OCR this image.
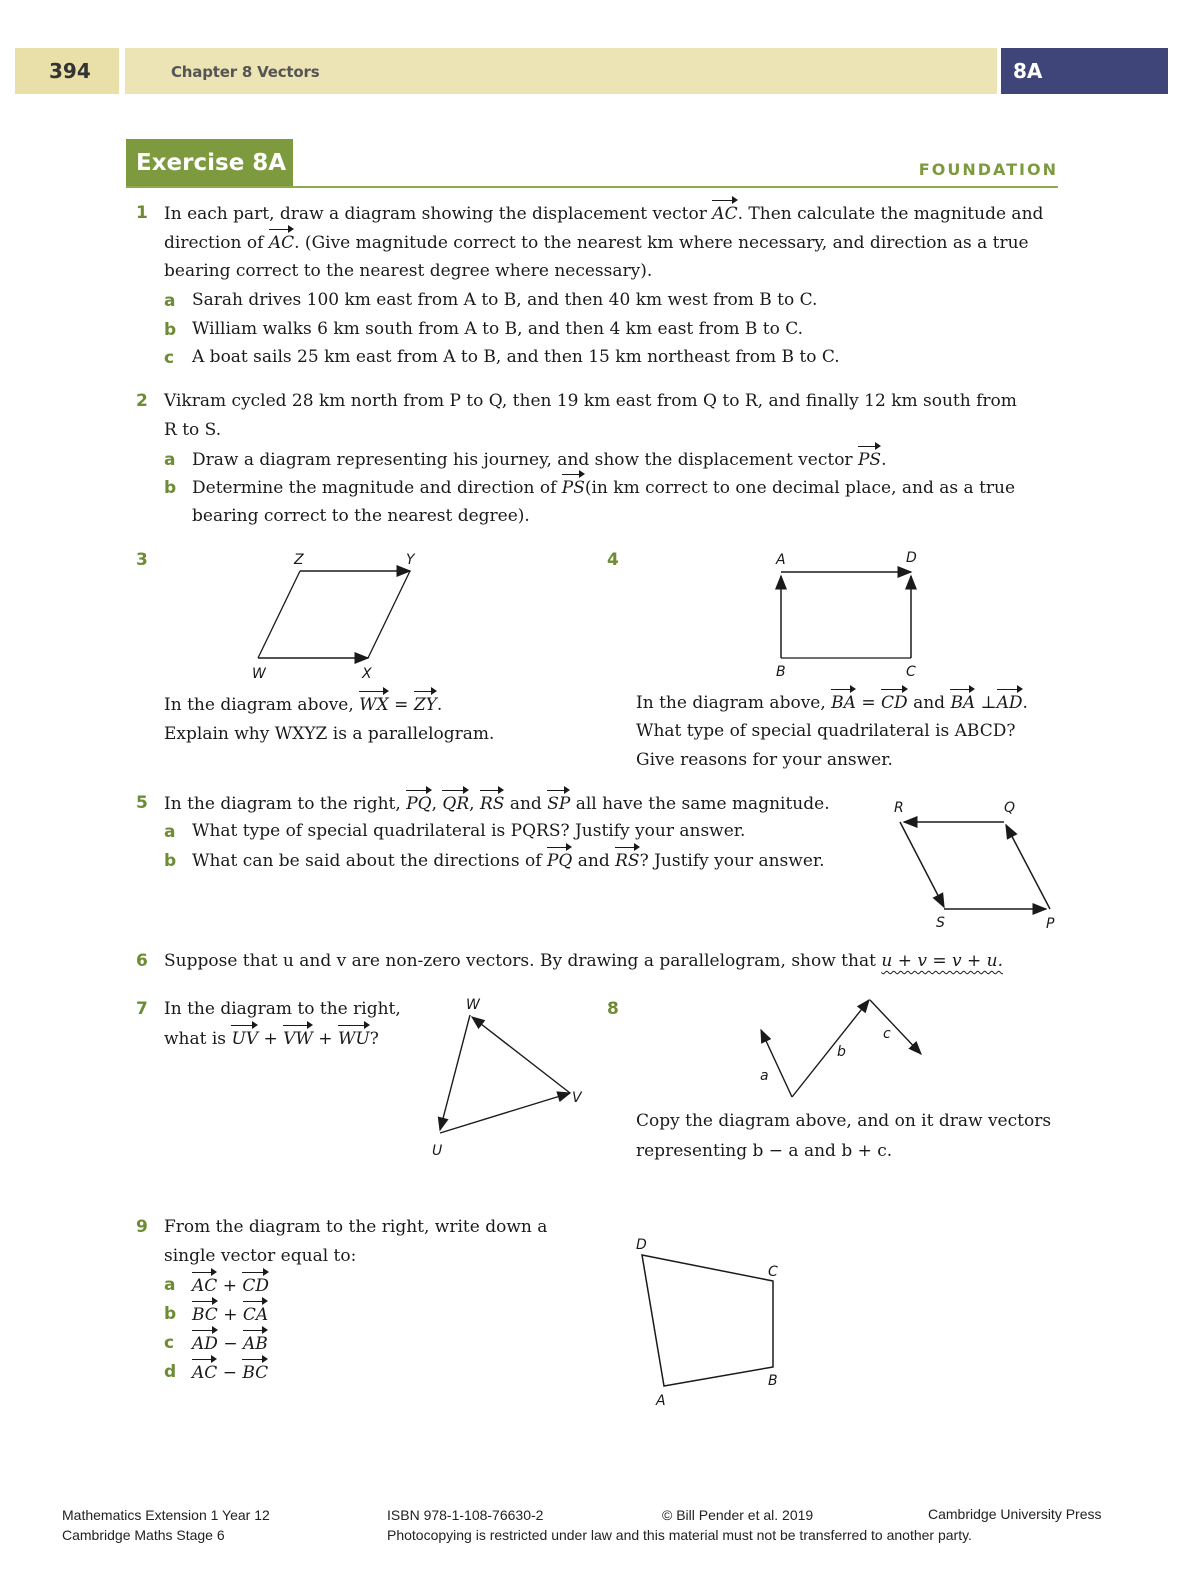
394	Chapter 8 Vectors	8A
Exercise 8A	FOUNDATION
1 In each part, draw a diagram showing the displacement vector AC. Then calculate the magnitude and
direction of AC. (Give magnitude correct to the nearest km where necessary, and direction as a true
bearing correct to the nearest degree where necessary).
a Sarah drives 100 km east from A to B, and then 40 km west from B to C.
b William walks 6 km south from A to B, and then 4 km east from B to C.
c A boat sails 25 km east from A to B, and then 15 km northeast from B to C.
2 Vikram cycled 28 km north from P to Q, then 19 km east from Q to R, and finally 12 km south from
R to S.
a Draw a diagram representing his journey, and show the displacement vector PS.
b Determine the magnitude and direction of PS(in km correct to one decimal place, and as a true
bearing correct to the nearest degree).
3	Z	Y
W	X
In the diagram above, WX = ZY.
Explain why WXYZ is a parallelogram.
4	A	D
B	C
In the diagram above, BA = CD and BA ⊥AD.
What type of special quadrilateral is ABCD?
Give reasons for your answer.
5 In the diagram to the right, PQ, QR, RS and SP all have the same magnitude.
a What type of special quadrilateral is PQRS? Justify your answer.
b What can be said about the directions of PQ and RS? Justify your answer.
R	Q
S	P
6 Suppose that u and v are non-zero vectors. By drawing a parallelogram, show that u + v = v + u.
7 In the diagram to the right,
what is UV + VW + WU?
W
V
U
8
a
b
c
Copy the diagram above, and on it draw vectors
representing b − a and b + c.
9 From the diagram to the right, write down a
single vector equal to:
a AC + CD
b BC + CA
c AD − AB
d AC − BC
D
C
B
A
Mathematics Extension 1 Year 12
Cambridge Maths Stage 6
ISBN 978-1-108-76630-2	© Bill Pender et al. 2019	Cambridge University Press
Photocopying is restricted under law and this material must not be transferred to another party.
